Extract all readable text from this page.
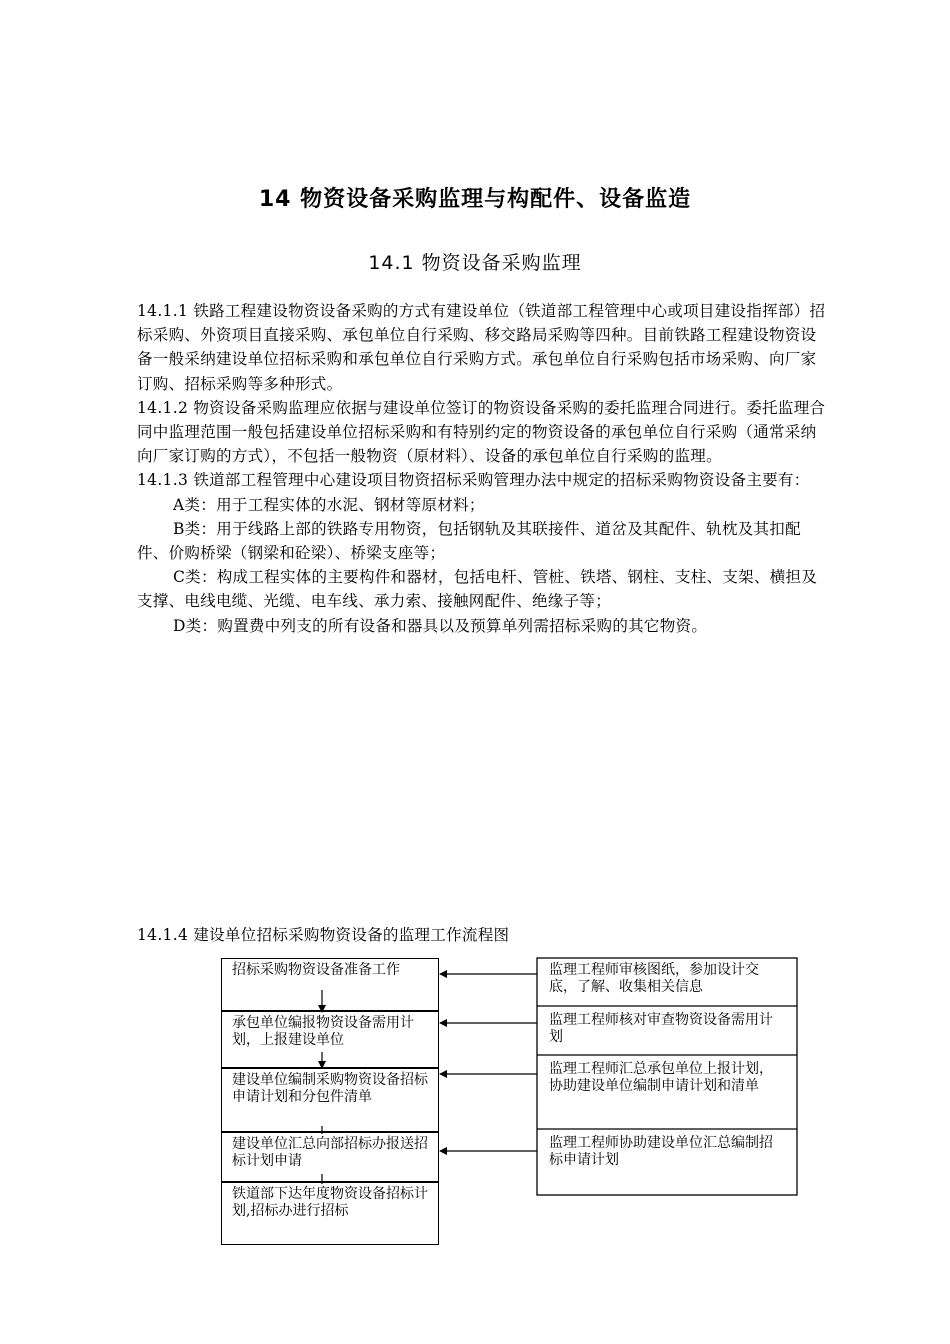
14 物资设备采购监理与构配件、设备监造
14.1 物资设备采购监理

14.1.1 铁路工程建设物资设备采购的方式有建设单位（铁道部工程管理中心或项目建设指挥部）招标采购、外资项目直接采购、承包单位自行采购、移交路局采购等四种。目前铁路工程建设物资设备一般采纳建设单位招标采购和承包单位自行采购方式。承包单位自行采购包括市场采购、向厂家订购、招标采购等多种形式。

14.1.2 物资设备采购监理应依据与建设单位签订的物资设备采购的委托监理合同进行。委托监理合同中监理范围一般包括建设单位招标采购和有特别约定的物资设备的承包单位自行采购（通常采纳向厂家订购的方式），不包括一般物资（原材料）、设备的承包单位自行采购的监理。

14.1.3 铁道部工程管理中心建设项目物资招标采购管理办法中规定的招标采购物资设备主要有：

A类：用于工程实体的水泥、钢材等原材料；

B类：用于线路上部的铁路专用物资，包括钢轨及其联接件、道岔及其配件、轨枕及其扣配件、价购桥梁（钢梁和砼梁）、桥梁支座等；

C类：构成工程实体的主要构件和器材，包括电杆、管桩、铁塔、钢柱、支柱、支架、横担及支撑、电线电缆、光缆、电车线、承力索、接触网配件、绝缘子等；

D类：购置费中列支的所有设备和器具以及预算单列需招标采购的其它物资。

14.1.4 建设单位招标采购物资设备的监理工作流程图
招标采购物资设备准备工作
承包单位编报物资设备需用计划，上报建设单位
建设单位编制采购物资设备招标申请计划和分包件清单
建设单位汇总向部招标办报送招标计划申请
铁道部下达年度物资设备招标计划,招标办进行招标
监理工程师审核图纸，参加设计交底，了解、收集相关信息
监理工程师核对审查物资设备需用计划
监理工程师汇总承包单位上报计划，协助建设单位编制申请计划和清单
监理工程师协助建设单位汇总编制招标申请计划
